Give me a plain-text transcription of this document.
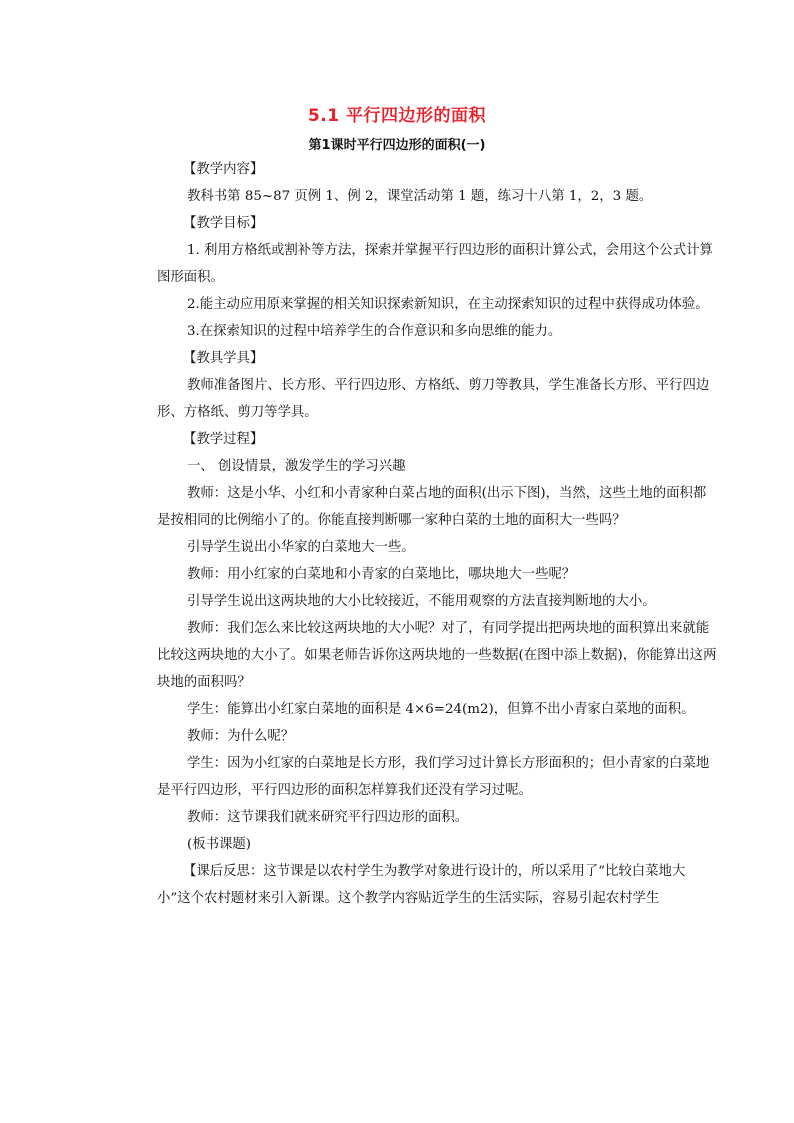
5.1 平行四边形的面积
第1课时平行四边形的面积(一)

【教学内容】

教科书第 85~87 页例 1、例 2，课堂活动第 1 题，练习十八第 1，2，3 题。

【教学目标】

1. 利用方格纸或割补等方法，探索并掌握平行四边形的面积计算公式，会用这个公式计算图形面积。

2.能主动应用原来掌握的相关知识探索新知识，在主动探索知识的过程中获得成功体验。

3.在探索知识的过程中培养学生的合作意识和多向思维的能力。

【教具学具】

教师准备图片、长方形、平行四边形、方格纸、剪刀等教具，学生准备长方形、平行四边形、方格纸、剪刀等学具。

【教学过程】

一、 创设情景，激发学生的学习兴趣

教师：这是小华、小红和小青家种白菜占地的面积(出示下图)，当然，这些土地的面积都是按相同的比例缩小了的。你能直接判断哪一家种白菜的土地的面积大一些吗？

引导学生说出小华家的白菜地大一些。

教师：用小红家的白菜地和小青家的白菜地比，哪块地大一些呢？

引导学生说出这两块地的大小比较接近，不能用观察的方法直接判断地的大小。

教师：我们怎么来比较这两块地的大小呢？对了，有同学提出把两块地的面积算出来就能比较这两块地的大小了。如果老师告诉你这两块地的一些数据(在图中添上数据)，你能算出这两块地的面积吗？

学生：能算出小红家白菜地的面积是 4×6=24(m2)，但算不出小青家白菜地的面积。

教师：为什么呢？

学生：因为小红家的白菜地是长方形，我们学习过计算长方形面积的；但小青家的白菜地是平行四边形，平行四边形的面积怎样算我们还没有学习过呢。

教师：这节课我们就来研究平行四边形的面积。

(板书课题)

【课后反思：这节课是以农村学生为教学对象进行设计的，所以采用了“比较白菜地大小”这个农村题材来引入新课。这个教学内容贴近学生的生活实际，容易引起农村学生
